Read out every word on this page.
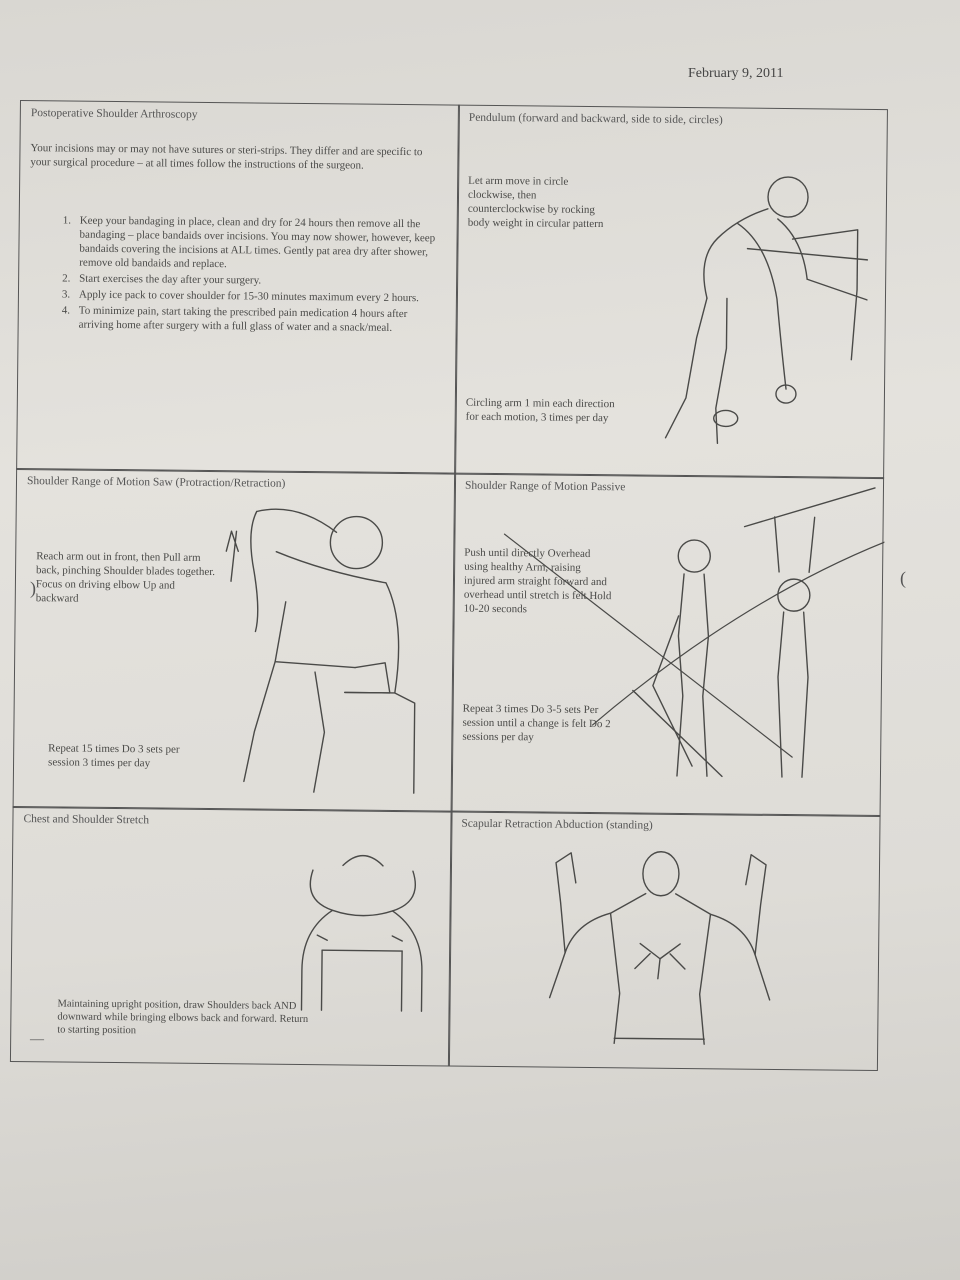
February 9, 2011
Postoperative Shoulder Arthroscopy
Your incisions may or may not have sutures or steri-strips. They differ and are specific to your surgical procedure – at all times follow the instructions of the surgeon.
1. Keep your bandaging in place, clean and dry for 24 hours then remove all the bandaging – place bandaids over incisions. You may now shower, however, keep bandaids covering the incisions at ALL times. Gently pat area dry after shower, remove old bandaids and replace.
2. Start exercises the day after your surgery.
3. Apply ice pack to cover shoulder for 15-30 minutes maximum every 2 hours.
4. To minimize pain, start taking the prescribed pain medication 4 hours after arriving home after surgery with a full glass of water and a snack/meal.
Pendulum (forward and backward, side to side, circles)
Let arm move in circle clockwise, then counterclockwise by rocking body weight in circular pattern
Circling arm 1 min each direction for each motion, 3 times per day
Shoulder Range of Motion Saw (Protraction/Retraction)
Reach arm out in front, then Pull arm back, pinching Shoulder blades together. Focus on driving elbow Up and backward
Repeat 15 times Do 3 sets per session 3 times per day
Shoulder Range of Motion Passive
Push until directly Overhead using healthy Arm, raising injured arm straight forward and overhead until stretch is felt Hold 10-20 seconds
Repeat 3 times Do 3-5 sets Per session until a change is felt Do 2 sessions per day
Chest and Shoulder Stretch
Maintaining upright position, draw Shoulders back AND downward while bringing elbows back and forward. Return to starting position
Scapular Retraction Abduction (standing)
)
—
(
